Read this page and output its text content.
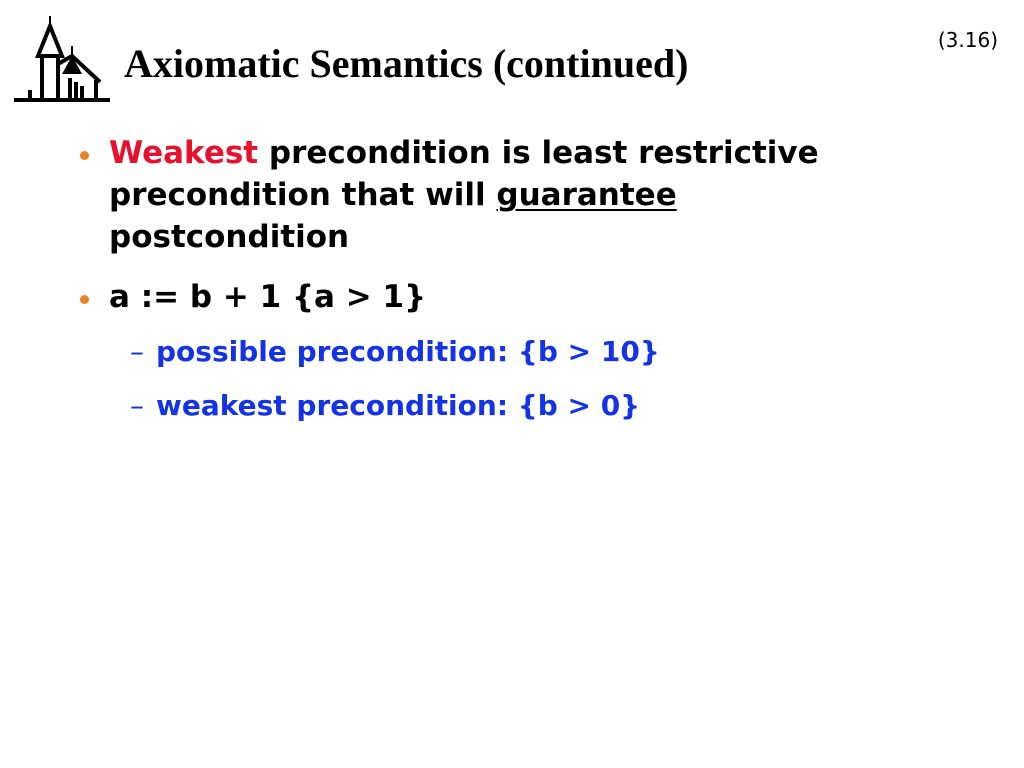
Axiomatic Semantics (continued)
(3.16)
Weakest precondition is least restrictive
precondition that will guarantee
postcondition
a := b + 1 {a > 1}
– possible precondition: {b > 10}
– weakest precondition: {b > 0}
